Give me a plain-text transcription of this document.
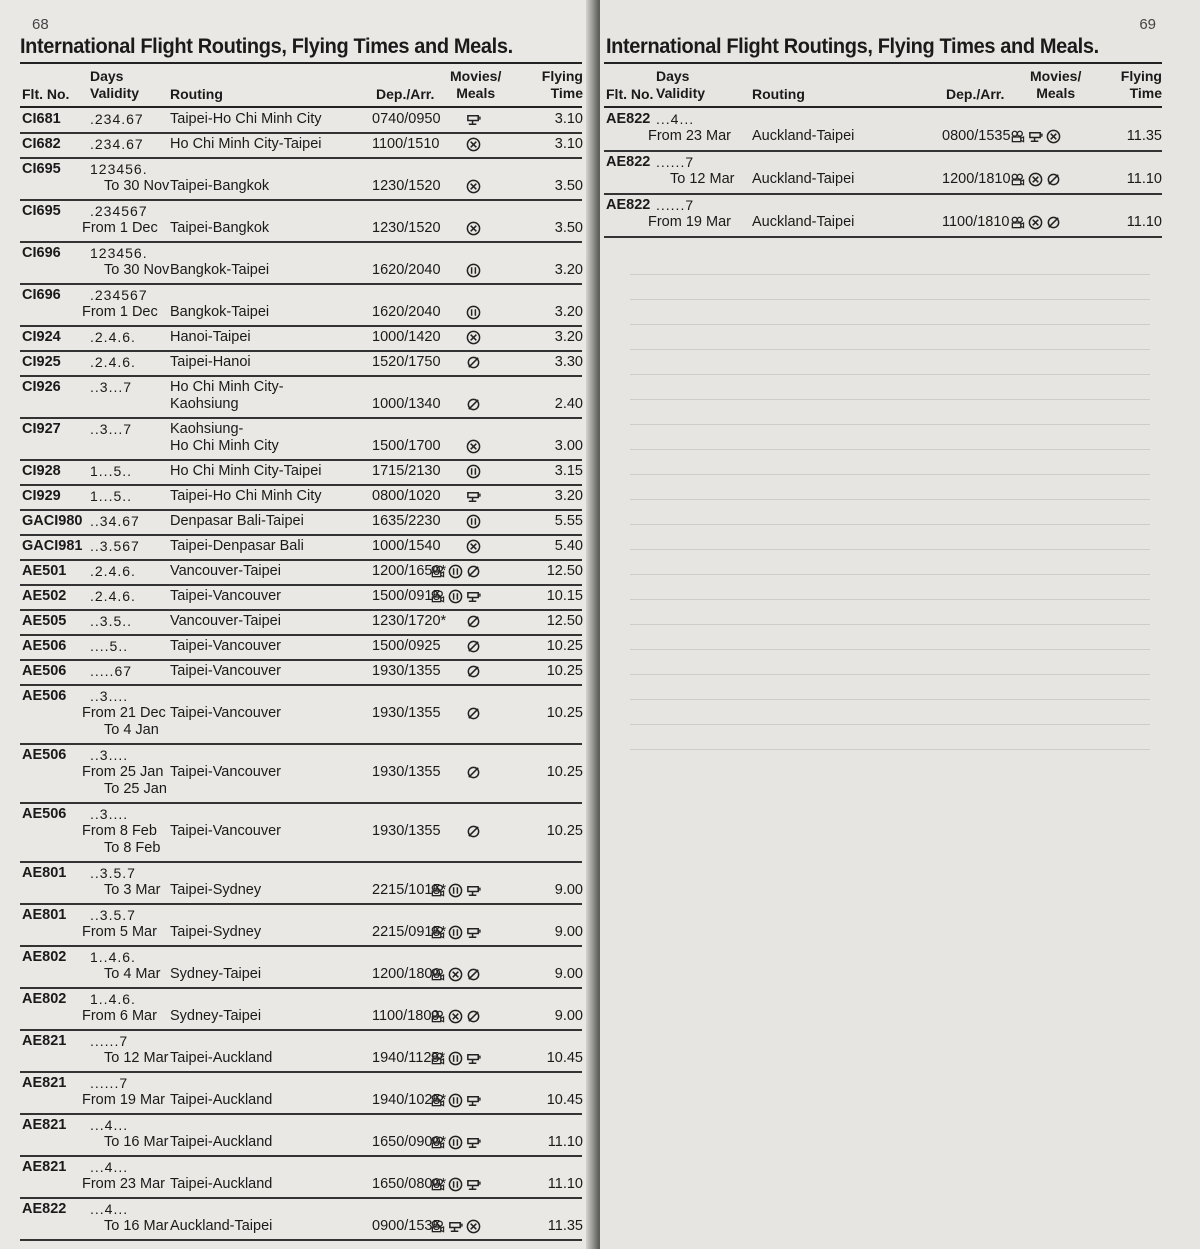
68
International Flight Routings, Flying Times and Meals.
Flt. No.
Days
Validity Routing	Dep./Arr.
Movies/
Meals
Flying
Time
CI681 .234.67 Taipei-Ho Chi Minh City	0740/0950	3.10
CI682 .234.67 Ho Chi Minh City-Taipei	1100/1510	3.10
CI695 123456.
To 30 Nov Taipei-Bangkok	1230/1520	3.50
CI695 .234567
From 1 Dec Taipei-Bangkok	1230/1520	3.50
CI696 123456.
To 30 Nov Bangkok-Taipei	1620/2040	3.20
CI696 .234567
From 1 Dec Bangkok-Taipei	1620/2040	3.20
CI924 .2.4.6. Hanoi-Taipei	1000/1420	3.20
CI925 .2.4.6. Taipei-Hanoi	1520/1750	3.30
CI926 ..3...7	Ho Chi Minh City-
Kaohsiung	1000/1340	2.40
CI927 ..3...7	Kaohsiung-
Ho Chi Minh City	1500/1700	3.00
CI928 1...5..	Ho Chi Minh City-Taipei	1715/2130	3.15
CI929 1...5..	Taipei-Ho Chi Minh City	0800/1020	3.20
GACI980 ..34.67 Denpasar Bali-Taipei	1635/2230	5.55
GACI981 ..3.567 Taipei-Denpasar Bali	1000/1540	5.40
AE501 .2.4.6. Vancouver-Taipei	1200/1650*	12.50
AE502 .2.4.6. Taipei-Vancouver	1500/0915	10.15
AE505 ..3.5..	Vancouver-Taipei	1230/1720*	12.50
AE506 ....5..	Taipei-Vancouver	1500/0925	10.25
AE506 .....67	Taipei-Vancouver	1930/1355	10.25
AE506 ..3....
From 21 Dec Taipei-Vancouver	1930/1355	10.25
To 4 Jan
AE506 ..3....
From 25 Jan Taipei-Vancouver	1930/1355	10.25
To 25 Jan
AE506 ..3....
From 8 Feb Taipei-Vancouver	1930/1355	10.25
To 8 Feb
AE801 ..3.5.7
To 3 Mar Taipei-Sydney	2215/1015*	9.00
AE801 ..3.5.7
From 5 Mar Taipei-Sydney	2215/0915*	9.00
AE802 1..4.6.
To 4 Mar Sydney-Taipei	1200/1800	9.00
AE802 1..4.6.
From 6 Mar Sydney-Taipei	1100/1800	9.00
AE821 ......7
To 12 Mar Taipei-Auckland	1940/1125*	10.45
AE821 ......7
From 19 Mar Taipei-Auckland	1940/1025*	10.45
AE821 ...4...
To 16 Mar Taipei-Auckland	1650/0900*	11.10
AE821 ...4...
From 23 Mar Taipei-Auckland	1650/0800*	11.10
AE822 ...4...
To 16 Mar Auckland-Taipei	0900/1535	11.35
69
International Flight Routings, Flying Times and Meals.
Flt. No.
Days
Validity	Routing	Dep./Arr.
Movies/
Meals
Flying
Time
AE822 ...4...
From 23 Mar Auckland-Taipei	0800/1535	11.35
AE822 ......7
To 12 Mar Auckland-Taipei	1200/1810	11.10
AE822 ......7
From 19 Mar Auckland-Taipei	1100/1810	11.10
